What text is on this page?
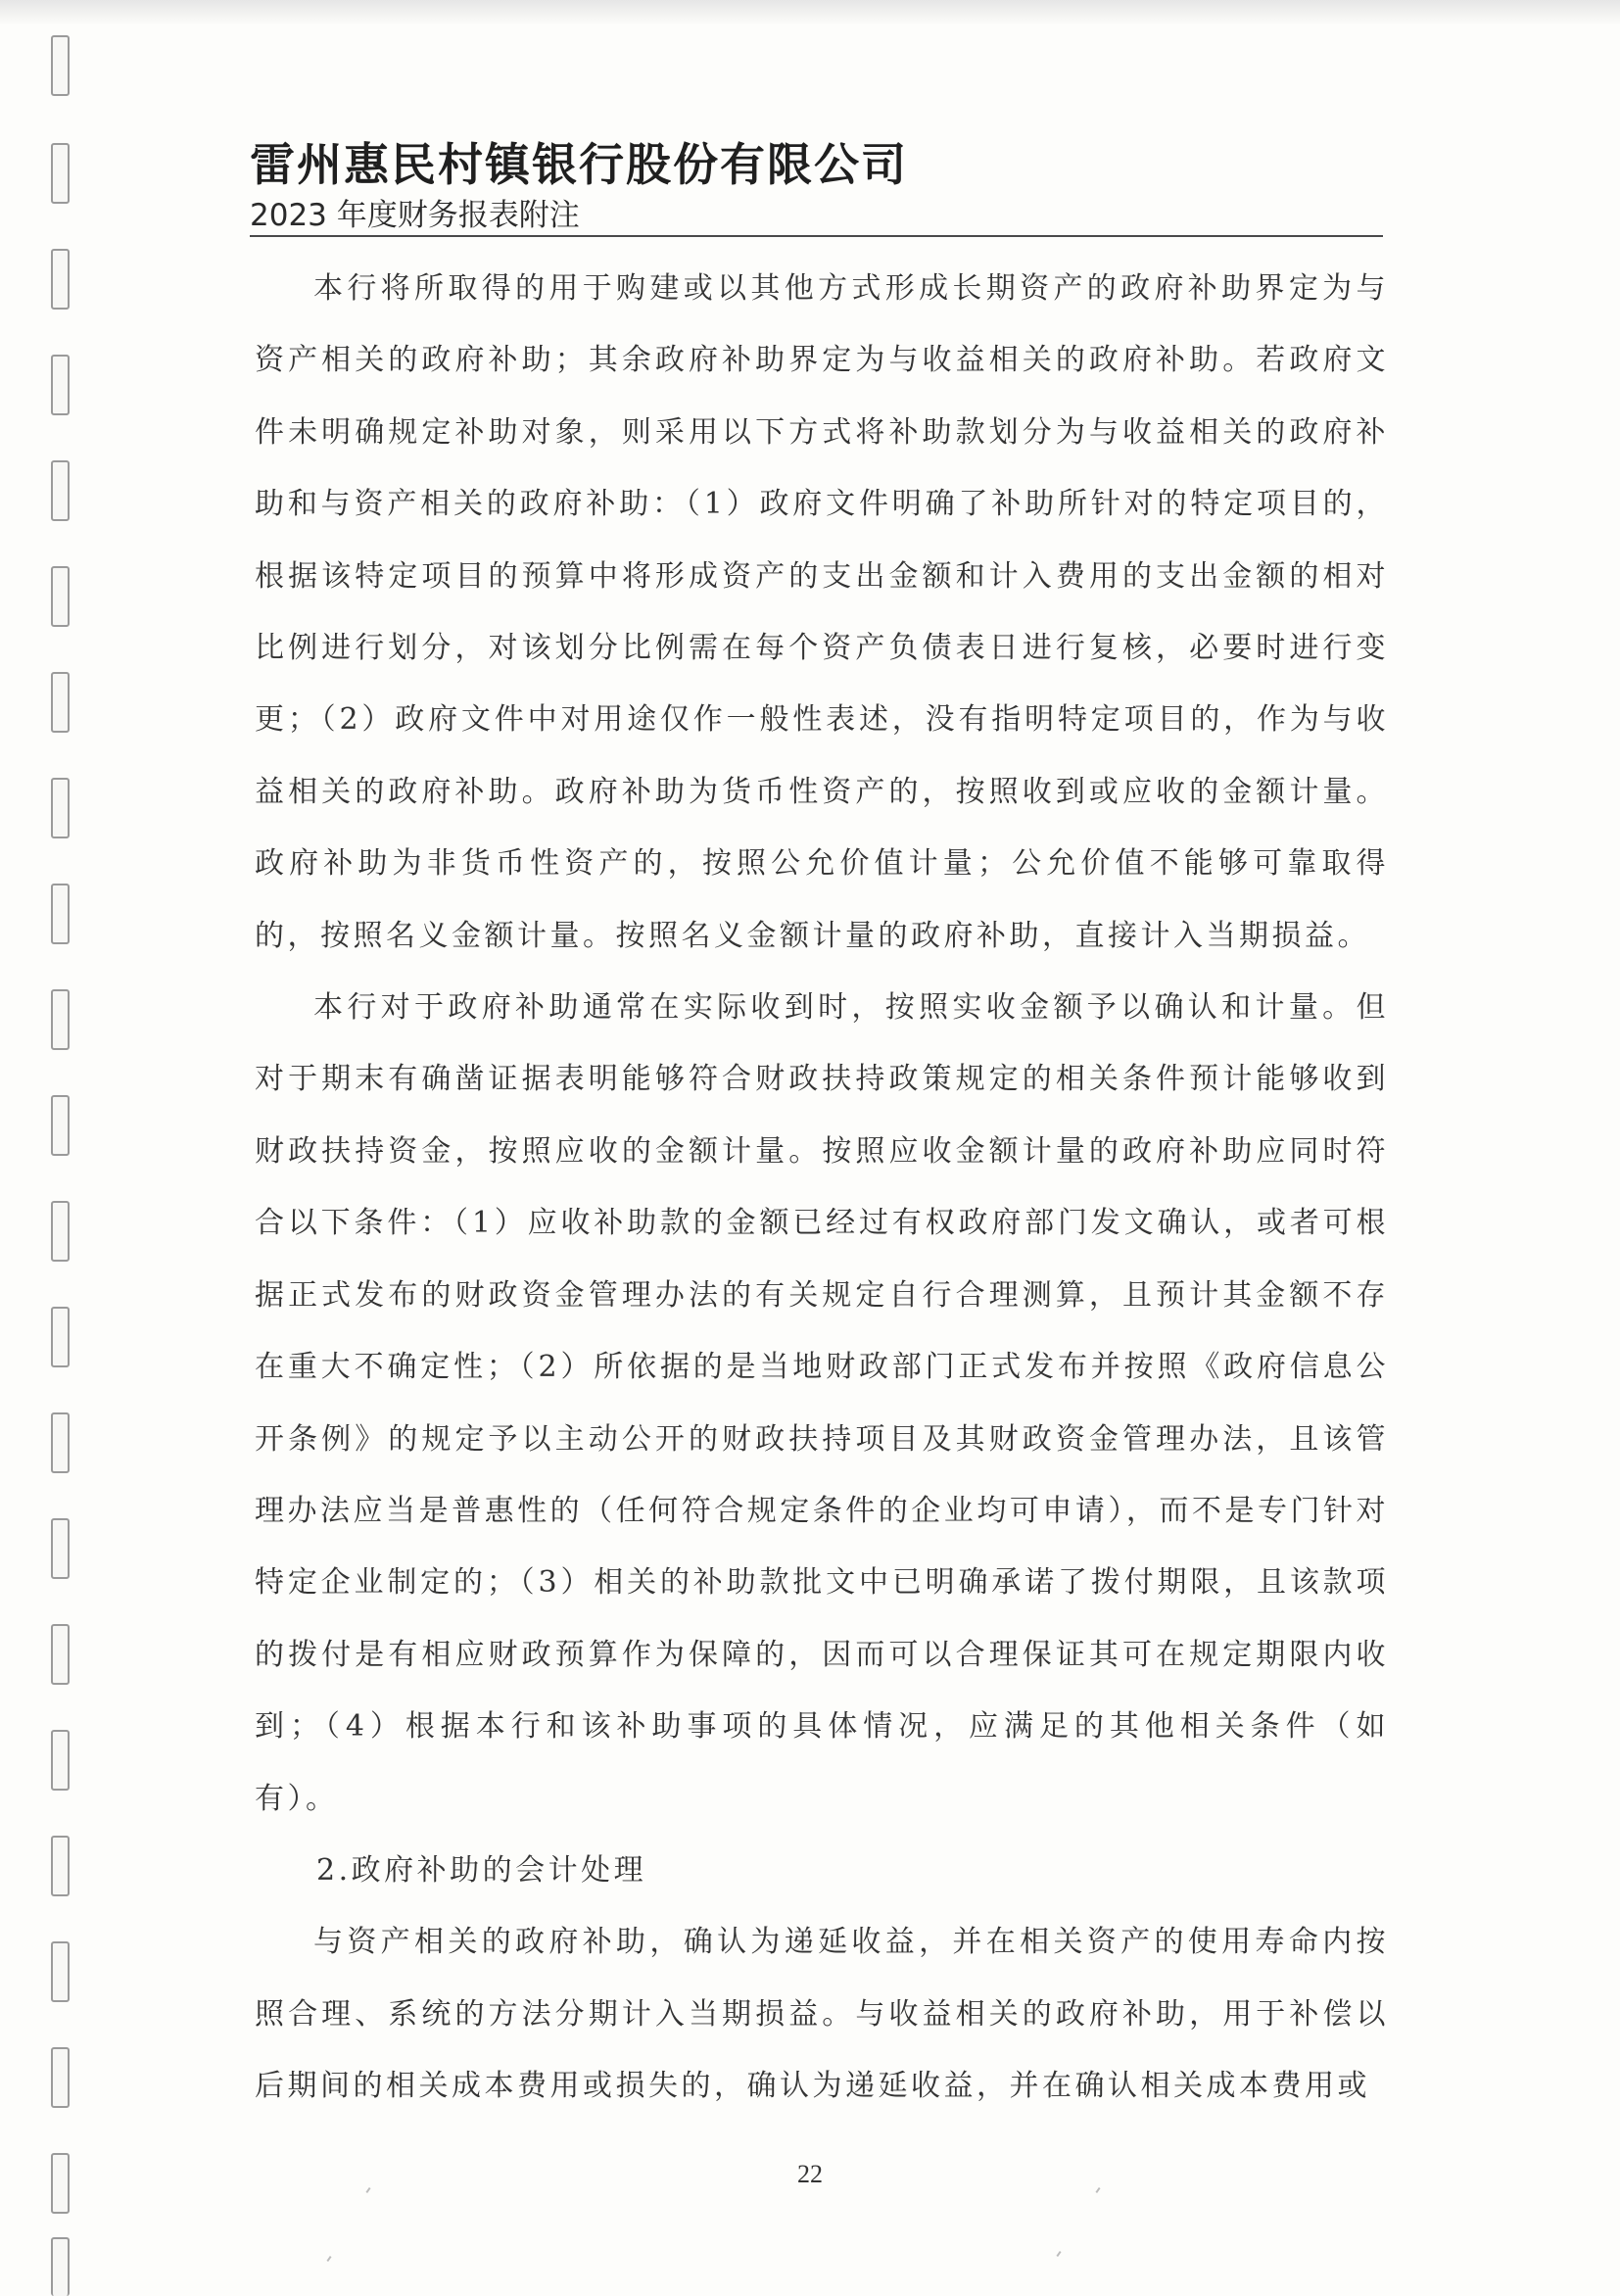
雷州惠民村镇银行股份有限公司
2023 年度财务报表附注

本行将所取得的用于购建或以其他方式形成长期资产的政府补助界定为与资产相关的政府补助；其余政府补助界定为与收益相关的政府补助。若政府文件未明确规定补助对象，则采用以下方式将补助款划分为与收益相关的政府补助和与资产相关的政府补助：（1）政府文件明确了补助所针对的特定项目的，根据该特定项目的预算中将形成资产的支出金额和计入费用的支出金额的相对比例进行划分，对该划分比例需在每个资产负债表日进行复核，必要时进行变更；（2）政府文件中对用途仅作一般性表述，没有指明特定项目的，作为与收益相关的政府补助。政府补助为货币性资产的，按照收到或应收的金额计量。政府补助为非货币性资产的，按照公允价值计量；公允价值不能够可靠取得的，按照名义金额计量。按照名义金额计量的政府补助，直接计入当期损益。

本行对于政府补助通常在实际收到时，按照实收金额予以确认和计量。但对于期末有确凿证据表明能够符合财政扶持政策规定的相关条件预计能够收到财政扶持资金，按照应收的金额计量。按照应收金额计量的政府补助应同时符合以下条件：（1）应收补助款的金额已经过有权政府部门发文确认，或者可根据正式发布的财政资金管理办法的有关规定自行合理测算，且预计其金额不存在重大不确定性；（2）所依据的是当地财政部门正式发布并按照《政府信息公开条例》的规定予以主动公开的财政扶持项目及其财政资金管理办法，且该管理办法应当是普惠性的（任何符合规定条件的企业均可申请），而不是专门针对特定企业制定的；（3）相关的补助款批文中已明确承诺了拨付期限，且该款项的拨付是有相应财政预算作为保障的，因而可以合理保证其可在规定期限内收到；（4）根据本行和该补助事项的具体情况，应满足的其他相关条件（如有）。

2.政府补助的会计处理

与资产相关的政府补助，确认为递延收益，并在相关资产的使用寿命内按照合理、系统的方法分期计入当期损益。与收益相关的政府补助，用于补偿以后期间的相关成本费用或损失的，确认为递延收益，并在确认相关成本费用或

22
